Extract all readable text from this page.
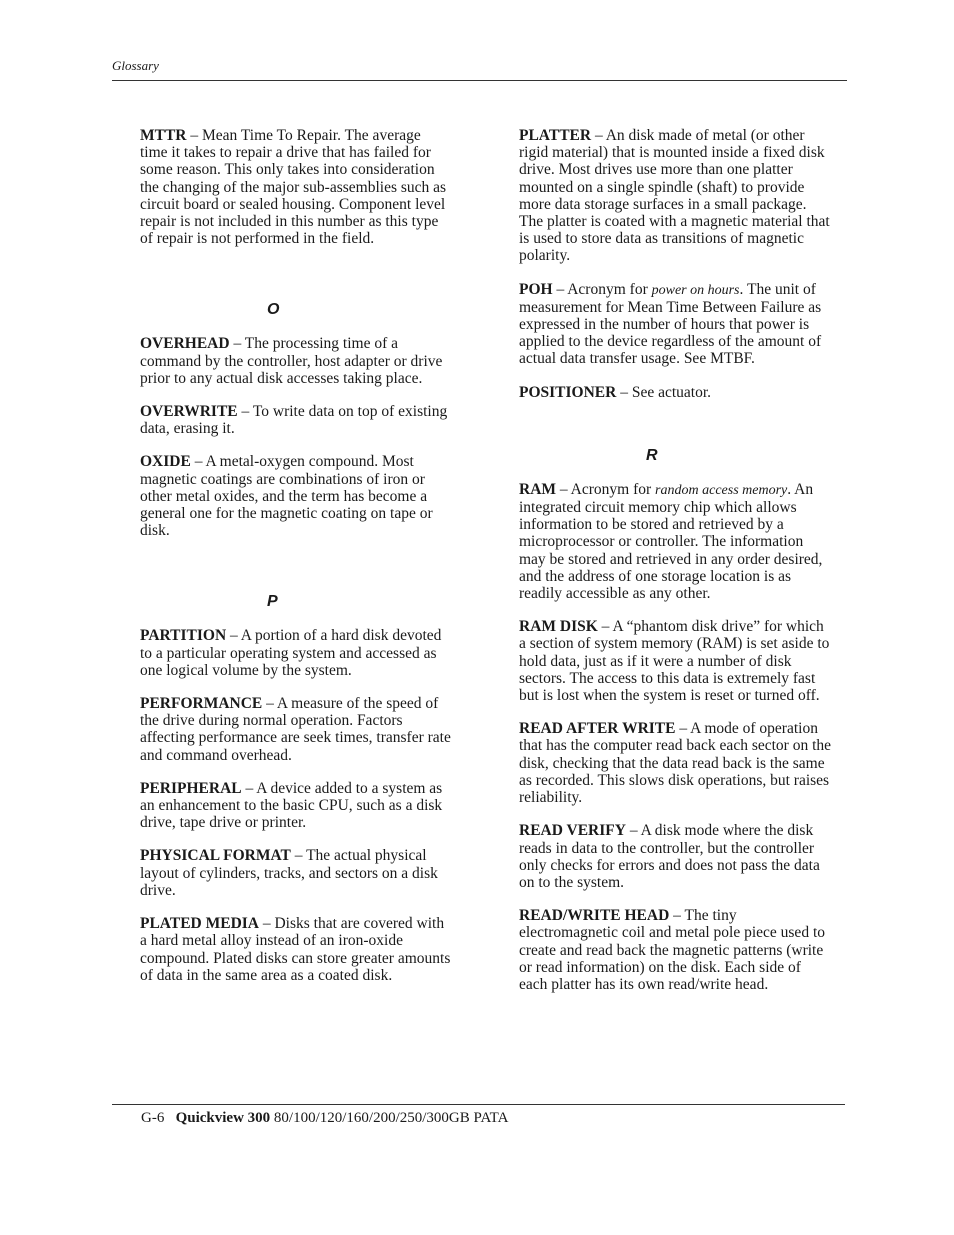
Glossary

MTTR – Mean Time To Repair. The average time it takes to repair a drive that has failed for some reason. This only takes into consideration the changing of the major sub-assemblies such as circuit board or sealed housing. Component level repair is not included in this number as this type of repair is not performed in the field.

O

OVERHEAD – The processing time of a command by the controller, host adapter or drive prior to any actual disk accesses taking place.

OVERWRITE – To write data on top of existing data, erasing it.

OXIDE – A metal-oxygen compound. Most magnetic coatings are combinations of iron or other metal oxides, and the term has become a general one for the magnetic coating on tape or disk.

P

PARTITION – A portion of a hard disk devoted to a particular operating system and accessed as one logical volume by the system.

PERFORMANCE – A measure of the speed of the drive during normal operation. Factors affecting performance are seek times, transfer rate and command overhead.

PERIPHERAL – A device added to a system as an enhancement to the basic CPU, such as a disk drive, tape drive or printer.

PHYSICAL FORMAT – The actual physical layout of cylinders, tracks, and sectors on a disk drive.

PLATED MEDIA – Disks that are covered with a hard metal alloy instead of an iron-oxide compound. Plated disks can store greater amounts of data in the same area as a coated disk.

PLATTER – An disk made of metal (or other rigid material) that is mounted inside a fixed disk drive. Most drives use more than one platter mounted on a single spindle (shaft) to provide more data storage surfaces in a small package. The platter is coated with a magnetic material that is used to store data as transitions of magnetic polarity.

POH – Acronym for power on hours. The unit of measurement for Mean Time Between Failure as expressed in the number of hours that power is applied to the device regardless of the amount of actual data transfer usage. See MTBF.

POSITIONER – See actuator.

R

RAM – Acronym for random access memory. An integrated circuit memory chip which allows information to be stored and retrieved by a microprocessor or controller. The information may be stored and retrieved in any order desired, and the address of one storage location is as readily accessible as any other.

RAM DISK – A “phantom disk drive” for which a section of system memory (RAM) is set aside to hold data, just as if it were a number of disk sectors. The access to this data is extremely fast but is lost when the system is reset or turned off.

READ AFTER WRITE – A mode of operation that has the computer read back each sector on the disk, checking that the data read back is the same as recorded. This slows disk operations, but raises reliability.

READ VERIFY – A disk mode where the disk reads in data to the controller, but the controller only checks for errors and does not pass the data on to the system.

READ/WRITE HEAD – The tiny electromagnetic coil and metal pole piece used to create and read back the magnetic patterns (write or read information) on the disk. Each side of each platter has its own read/write head.

G-6 Quickview 300 80/100/120/160/200/250/300GB PATA
